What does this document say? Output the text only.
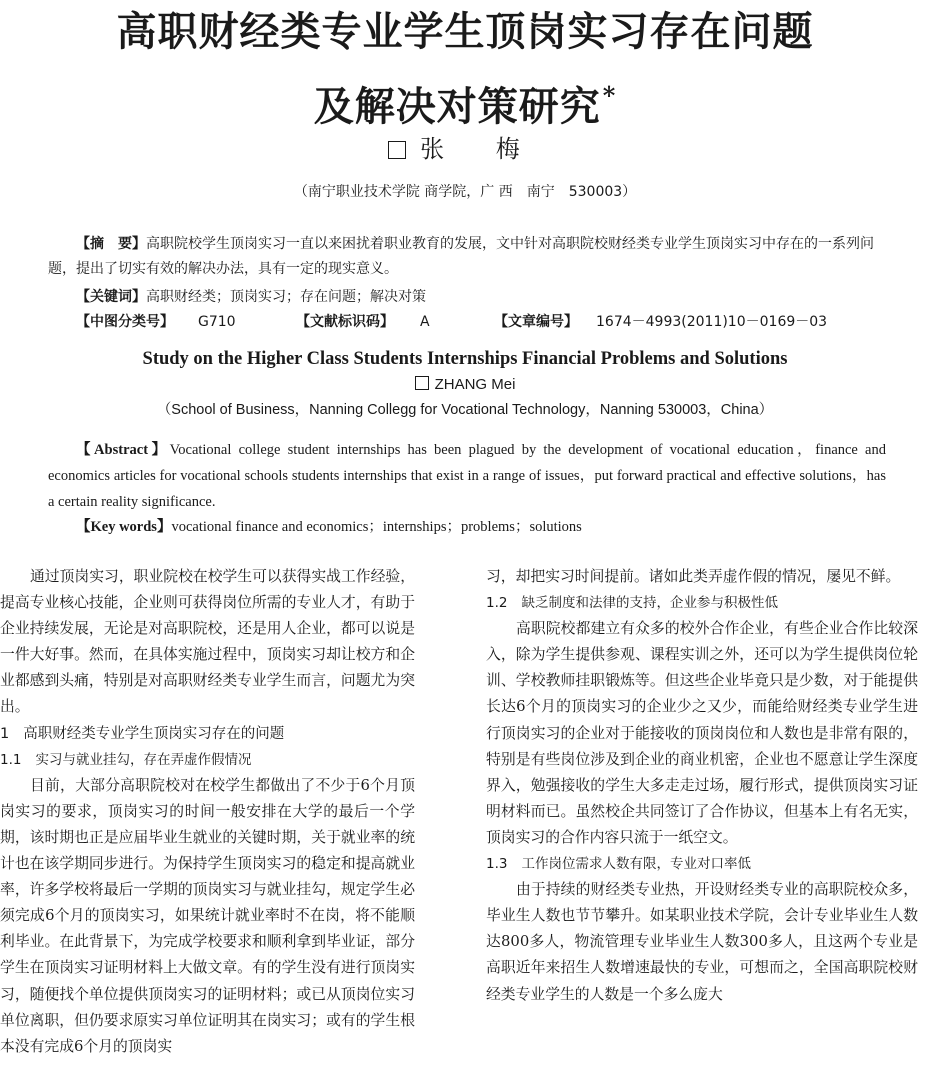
高职财经类专业学生顶岗实习存在问题
及解决对策研究*
张 梅
（南宁职业技术学院 商学院，广 西　南宁　530003）
【摘　要】高职院校学生顶岗实习一直以来困扰着职业教育的发展，文中针对高职院校财经类专业学生顶岗实习中存在的一系列问题，提出了切实有效的解决办法，具有一定的现实意义。
【关键词】高职财经类；顶岗实习；存在问题；解决对策
【中图分类号】 G710	【文献标识码】 A	【文章编号】 1674－4993(2011)10－0169－03
Study on the Higher Class Students Internships Financial Problems and Solutions
ZHANG Mei
（School of Business，Nanning Collegg for Vocational Technology，Nanning 530003，China）
【Abstract】Vocational college student internships has been plagued by the development of vocational education，finance and economics articles for vocational schools students internships that exist in a range of issues，put forward practical and effective solutions，has a certain reality significance.
【Key words】vocational finance and economics；internships；problems；solutions

通过顶岗实习，职业院校在校学生可以获得实战工作经验，提高专业核心技能，企业则可获得岗位所需的专业人才，有助于企业持续发展，无论是对高职院校，还是用人企业，都可以说是一件大好事。然而，在具体实施过程中，顶岗实习却让校方和企业都感到头痛，特别是对高职财经类专业学生而言，问题尤为突出。

1 高职财经类专业学生顶岗实习存在的问题

1.1 实习与就业挂勾，存在弄虚作假情况

目前，大部分高职院校对在校学生都做出了不少于6个月顶岗实习的要求，顶岗实习的时间一般安排在大学的最后一个学期，该时期也正是应届毕业生就业的关键时期，关于就业率的统计也在该学期同步进行。为保持学生顶岗实习的稳定和提高就业率，许多学校将最后一学期的顶岗实习与就业挂勾，规定学生必须完成6个月的顶岗实习，如果统计就业率时不在岗，将不能顺利毕业。在此背景下，为完成学校要求和顺利拿到毕业证，部分学生在顶岗实习证明材料上大做文章。有的学生没有进行顶岗实习，随便找个单位提供顶岗实习的证明材料；或已从顶岗位实习单位离职，但仍要求原实习单位证明其在岗实习；或有的学生根本没有完成6个月的顶岗实

习，却把实习时间提前。诸如此类弄虚作假的情况，屡见不鲜。

1.2 缺乏制度和法律的支持，企业参与积极性低

高职院校都建立有众多的校外合作企业，有些企业合作比较深入，除为学生提供参观、课程实训之外，还可以为学生提供岗位轮训、学校教师挂职锻炼等。但这些企业毕竟只是少数，对于能提供长达6个月的顶岗实习的企业少之又少，而能给财经类专业学生进行顶岗实习的企业对于能接收的顶岗岗位和人数也是非常有限的，特别是有些岗位涉及到企业的商业机密，企业也不愿意让学生深度界入，勉强接收的学生大多走走过场，履行形式，提供顶岗实习证明材料而已。虽然校企共同签订了合作协议，但基本上有名无实，顶岗实习的合作内容只流于一纸空文。

1.3 工作岗位需求人数有限，专业对口率低

由于持续的财经类专业热，开设财经类专业的高职院校众多，毕业生人数也节节攀升。如某职业技术学院，会计专业毕业生人数达800多人，物流管理专业毕业生人数300多人，且这两个专业是高职近年来招生人数增速最快的专业，可想而之，全国高职院校财经类专业学生的人数是一个多么庞大
